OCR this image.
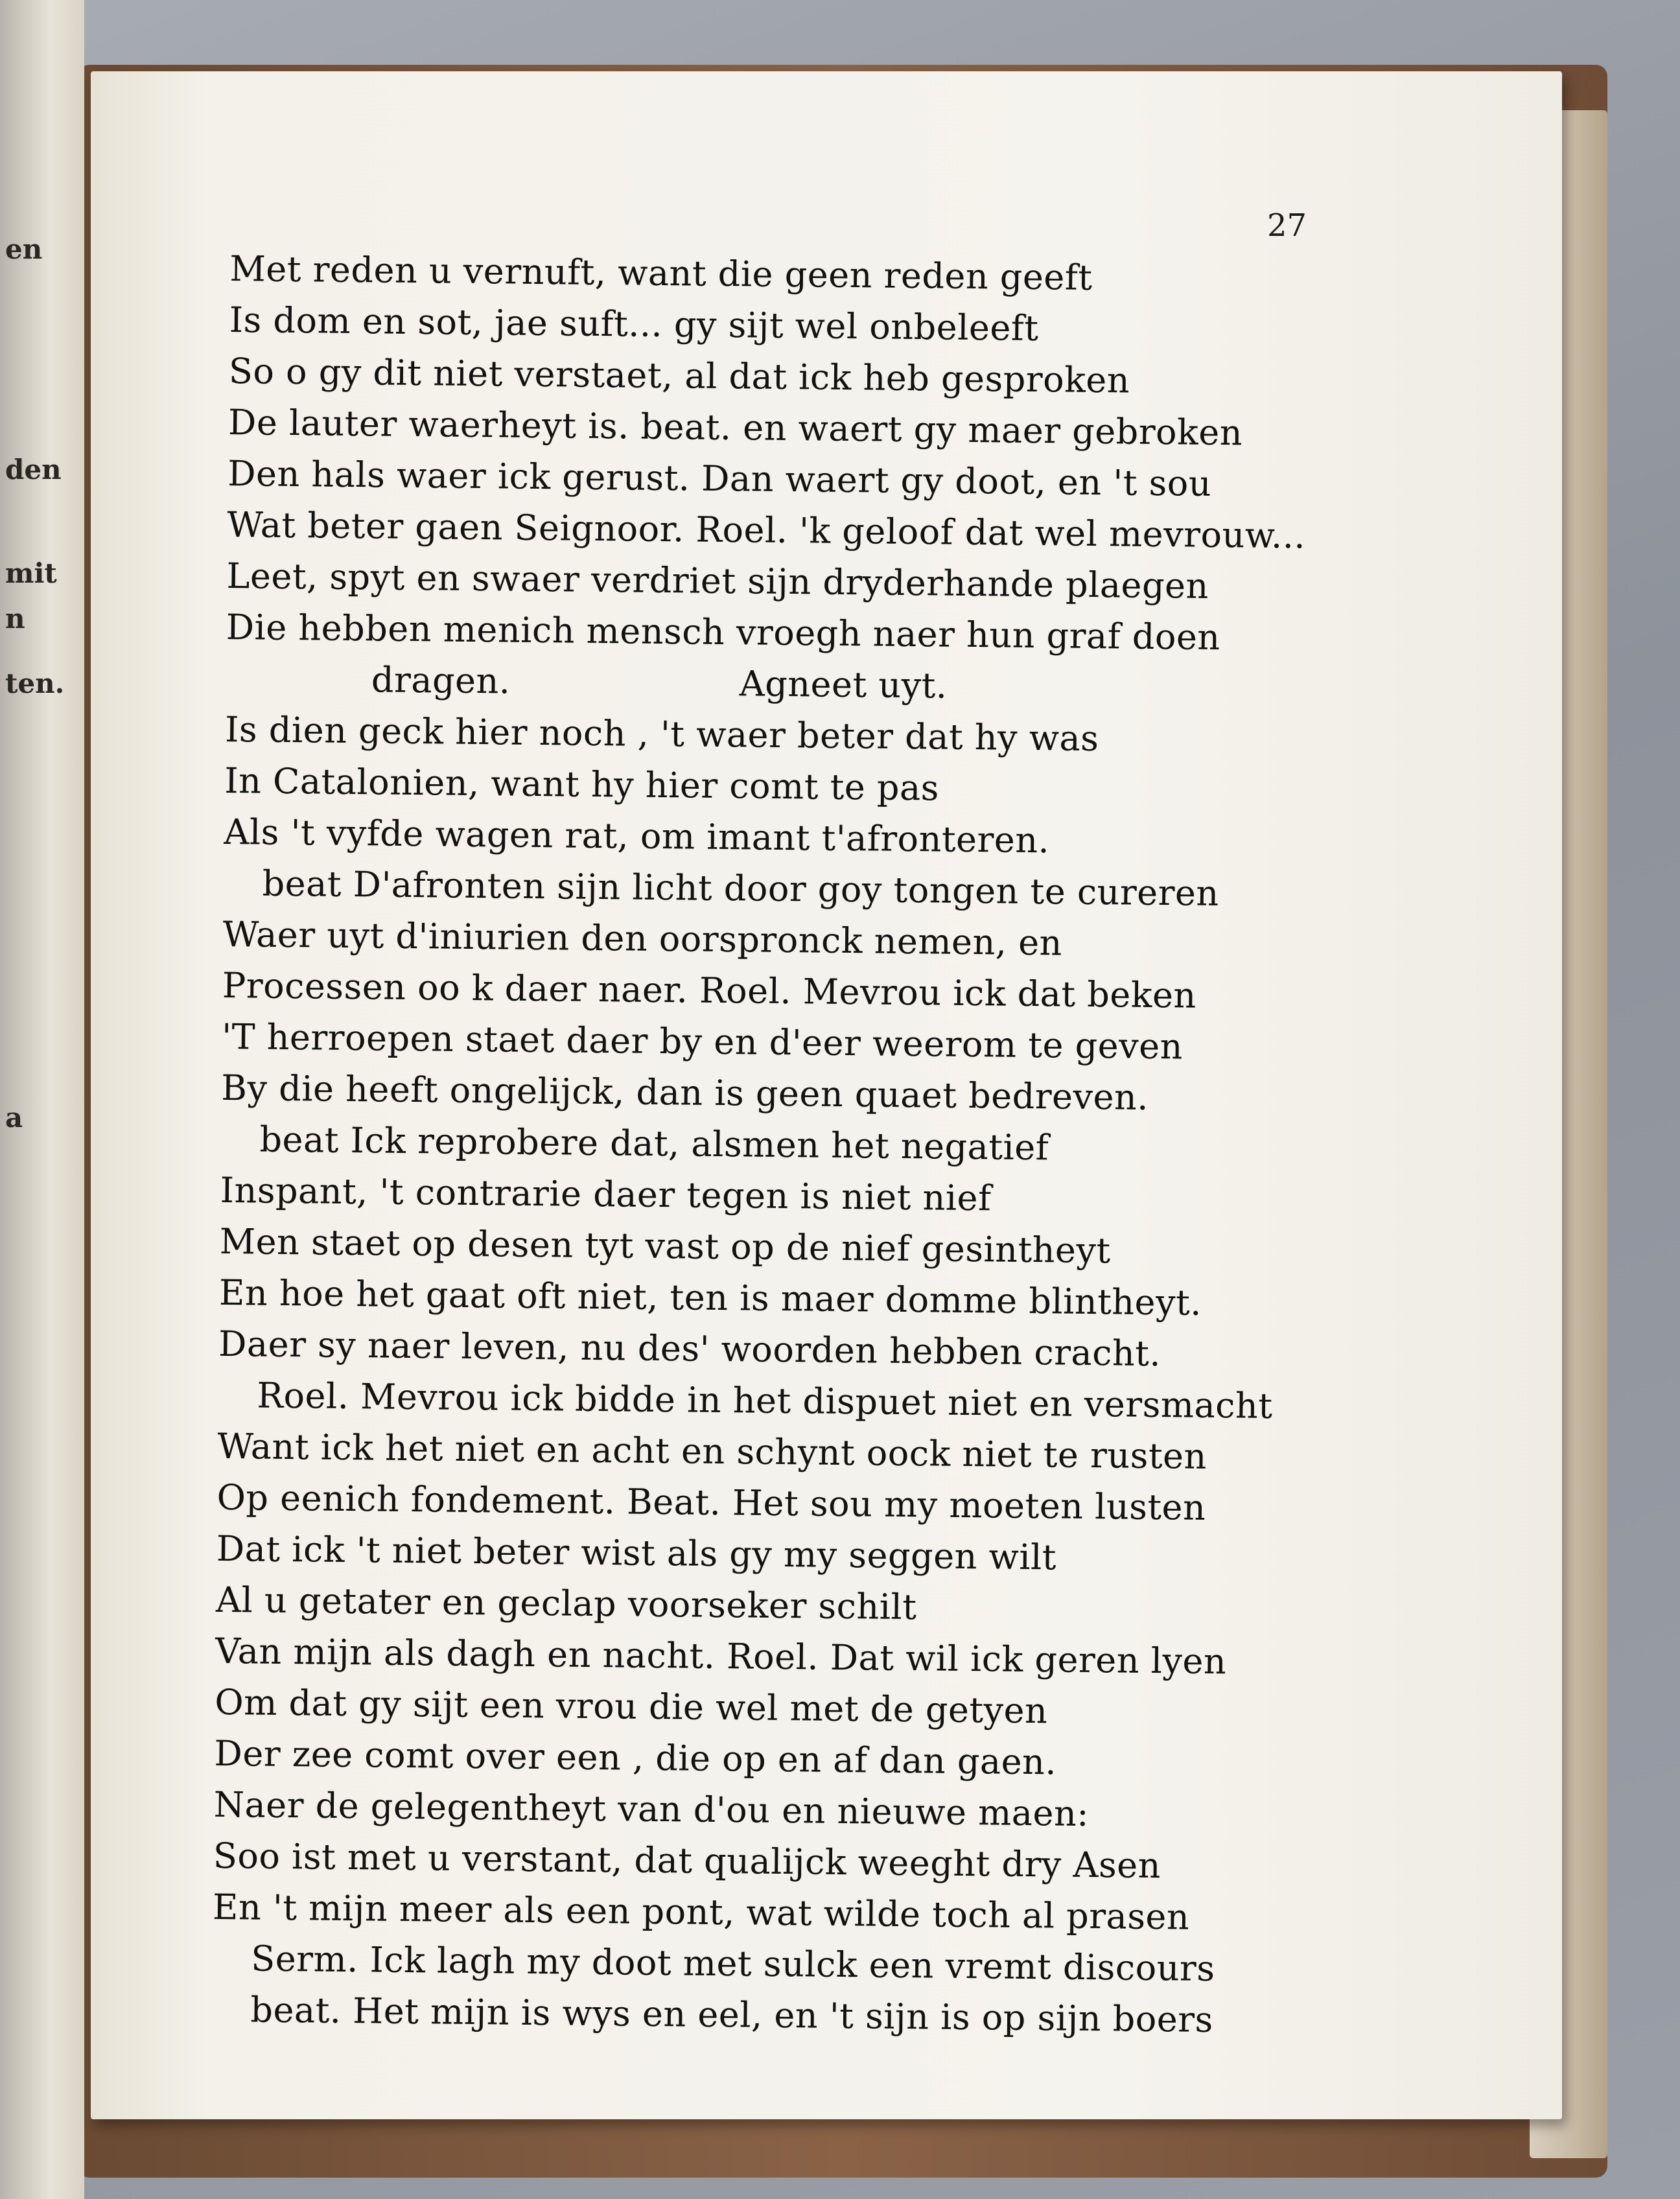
en
den
mit
n
ten.
a
27
Met reden u vernuft, want die geen reden geeft
Is dom en sot, jae suft... gy sijt wel onbeleeft
So o gy dit niet verstaet, al dat ick heb gesproken
De lauter waerheyt is. beat. en waert gy maer gebroken
Den hals waer ick gerust. Dan waert gy doot, en 't sou
Wat beter gaen Seignoor. Roel. 'k geloof dat wel mevrouw...
Leet, spyt en swaer verdriet sijn dryderhande plaegen
Die hebben menich mensch vroegh naer hun graf doen
dragen.                    Agneet uyt.
Is dien geck hier noch , 't waer beter dat hy was
In Catalonien, want hy hier comt te pas
Als 't vyfde wagen rat, om imant t'afronteren.
beat D'afronten sijn licht door goy tongen te cureren
Waer uyt d'iniurien den oorspronck nemen, en
Processen oo k daer naer. Roel. Mevrou ick dat beken
'T herroepen staet daer by en d'eer weerom te geven
By die heeft ongelijck, dan is geen quaet bedreven.
beat Ick reprobere dat, alsmen het negatief
Inspant, 't contrarie daer tegen is niet nief
Men staet op desen tyt vast op de nief gesintheyt
En hoe het gaat oft niet, ten is maer domme blintheyt.
Daer sy naer leven, nu des' woorden hebben cracht.
Roel. Mevrou ick bidde in het dispuet niet en versmacht
Want ick het niet en acht en schynt oock niet te rusten
Op eenich fondement. Beat. Het sou my moeten lusten
Dat ick 't niet beter wist als gy my seggen wilt
Al u getater en geclap voorseker schilt
Van mijn als dagh en nacht. Roel. Dat wil ick geren lyen
Om dat gy sijt een vrou die wel met de getyen
Der zee comt over een , die op en af dan gaen.
Naer de gelegentheyt van d'ou en nieuwe maen:
Soo ist met u verstant, dat qualijck weeght dry Asen
En 't mijn meer als een pont, wat wilde toch al prasen
Serm. Ick lagh my doot met sulck een vremt discours
beat. Het mijn is wys en eel, en 't sijn is op sijn boers
